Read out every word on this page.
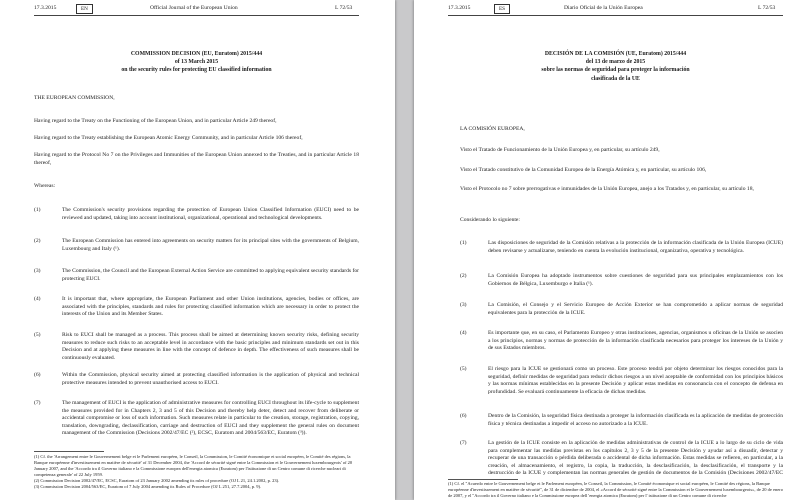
17.3.2015	EN	Official Journal of the European Union	L 72/53
COMMISSION DECISION (EU, Euratom) 2015/444
of 13 March 2015
on the security rules for protecting EU classified information
THE EUROPEAN COMMISSION,
Having regard to the Treaty on the Functioning of the European Union, and in particular Article 249 thereof,
Having regard to the Treaty establishing the European Atomic Energy Community, and in particular Article 106 thereof,
Having regard to the Protocol No 7 on the Privileges and Immunities of the European Union annexed to the Treaties, and in particular Article 18 thereof,
Whereas:
(1)	The Commission's security provisions regarding the protection of European Union Classified Information (EUCI) need to be reviewed and updated, taking into account institutional, organizational, operational and technological developments.
(2)	The European Commission has entered into agreements on security matters for its principal sites with the governments of Belgium, Luxembourg and Italy (¹).
(3)	The Commission, the Council and the European External Action Service are committed to applying equivalent security standards for protecting EUCI.
(4)	It is important that, where appropriate, the European Parliament and other Union institutions, agencies, bodies or offices, are associated with the principles, standards and rules for protecting classified information which are necessary in order to protect the interests of the Union and its Member States.
(5)	Risk to EUCI shall be managed as a process. This process shall be aimed at determining known security risks, defining security measures to reduce such risks to an acceptable level in accordance with the basic principles and minimum standards set out in this Decision and at applying these measures in line with the concept of defence in depth. The effectiveness of such measures shall be continuously evaluated.
(6)	Within the Commission, physical security aimed at protecting classified information is the application of physical and technical protective measures intended to prevent unauthorised access to EUCI.
(7)	The management of EUCI is the application of administrative measures for controlling EUCI throughout its life-cycle to supplement the measures provided for in Chapters 2, 3 and 5 of this Decision and thereby help deter, detect and recover from deliberate or accidental compromise or loss of such information. Such measures relate in particular to the creation, storage, registration, copying, translation, downgrading, declassification, carriage and destruction of EUCI and they supplement the general rules on document management of the Commission (Decisions 2002/47/EC (²), ECSC, Euratom and 2004/563/EC, Euratom (³)).
(1) Cf. the 'Arrangement entre le Gouvernement belge et le Parlement européen, le Conseil, la Commission, le Comité économique et social européen, le Comité des régions, la Banque européenne d'investissement en matière de sécurité' of 31 December 2004, the 'Accord de sécurité signé entre la Commission et le Gouvernement luxembourgeois' of 20 January 2007, and the 'Accordo tra il Governo italiano e la Commissione europea dell'energia atomica (Euratom) per l'istituzione di un Centro comune di ricerche nucleari di competenza generale' of 22 July 1959.
(2) Commission Decision 2002/47/EC, ECSC, Euratom of 23 January 2002 amending its rules of procedure (OJ L 21, 24.1.2002, p. 23).
(3) Commission Decision 2004/563/EC, Euratom of 7 July 2004 amending its Rules of Procedure (OJ L 251, 27.7.2004, p. 9).
17.3.2015	ES	Diario Oficial de la Unión Europea	L 72/53
DECISIÓN DE LA COMISIÓN (UE, Euratom) 2015/444
del 13 de marzo de 2015
sobre las normas de seguridad para proteger la información
clasificada de la UE
LA COMISIÓN EUROPEA,
Visto el Tratado de Funcionamiento de la Unión Europea y, en particular, su artículo 249,
Visto el Tratado constitutivo de la Comunidad Europea de la Energía Atómica y, en particular, su artículo 106,
Visto el Protocolo no 7 sobre prerrogativas e inmunidades de la Unión Europea, anejo a los Tratados y, en particular, su artículo 18,
Considerando lo siguiente:
(1)	Las disposiciones de seguridad de la Comisión relativas a la protección de la información clasificada de la Unión Europea (ICUE) deben revisarse y actualizarse, teniendo en cuenta la evolución institucional, organizativa, operativa y tecnológica.
(2)	La Comisión Europea ha adoptado instrumentos sobre cuestiones de seguridad para sus principales emplazamientos con los Gobiernos de Bélgica, Luxemburgo e Italia (¹).
(3)	La Comisión, el Consejo y el Servicio Europeo de Acción Exterior se han comprometido a aplicar normas de seguridad equivalentes para la protección de la ICUE.
(4)	Es importante que, en su caso, el Parlamento Europeo y otras instituciones, agencias, organismos u oficinas de la Unión se asocien a los principios, normas y normas de protección de la información clasificada necesarios para proteger los intereses de la Unión y de sus Estados miembros.
(5)	El riesgo para la ICUE se gestionará como un proceso. Este proceso tendrá por objeto determinar los riesgos conocidos para la seguridad, definir medidas de seguridad para reducir dichos riesgos a un nivel aceptable de conformidad con los principios básicos y las normas mínimas establecidas en la presente Decisión y aplicar estas medidas en consonancia con el concepto de defensa en profundidad. Se evaluará continuamente la eficacia de dichas medidas.
(6)	Dentro de la Comisión, la seguridad física destinada a proteger la información clasificada es la aplicación de medidas de protección física y técnica destinadas a impedir el acceso no autorizado a la ICUE.
(7)	La gestión de la ICUE consiste en la aplicación de medidas administrativas de control de la ICUE a lo largo de su ciclo de vida para complementar las medidas previstas en los capítulos 2, 3 y 5 de la presente Decisión y ayudar así a disuadir, detectar y recuperar de una transacción o pérdida deliberada o accidental de dicha información. Estas medidas se refieren, en particular, a la creación, el almacenamiento, el registro, la copia, la traducción, la desclasificación, la desclasificación, el transporte y la destrucción de la ICUE y complementan las normas generales de gestión de documentos de la Comisión (Decisiones 2002/47/EC
(1) Cf. el "Acuerdo entre le Gouvernement belge et le Parlement européen, le Conseil, la Commission, le Comité économique et social européen, le Comité des régions, la Banque européenne d'investissement en matière de sécurité", de 31 de diciembre de 2004, el «Accord de sécurité signé entre la Commission et le Gouvernement luxembourgeois», de 20 de enero de 2007, y el "Accordo tra il Governo italiano e la Commissione europea dell 'energia atomica (Euratom) per l' istituzione di un Centro comune di ricerche
